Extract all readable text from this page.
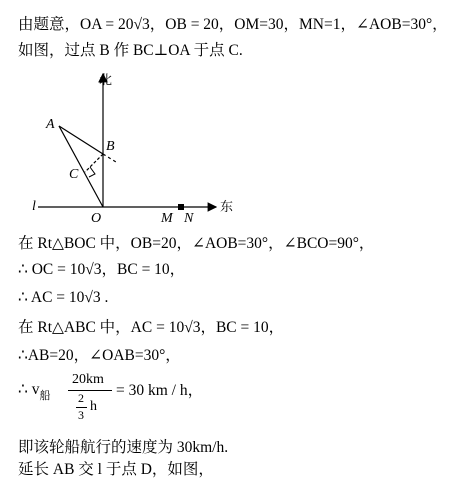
由题意，OA = 20√3，OB = 20，OM=30，MN=1，∠AOB=30°，
如图，过点 B 作 BC⊥OA 于点 C.
北
东
A
B
C
O
l
M N
在 Rt△BOC 中，OB=20，∠AOB=30°，∠BCO=90°，
∴ OC = 10√3，BC = 10，
∴ AC = 10√3 .
在 Rt△ABC 中，AC = 10√3，BC = 10，
∴AB=20，∠OAB=30°，
∴ $v_船$
20km
2
3
h
= 30 km / h，
即该轮船航行的速度为 30km/h.
延长 AB 交 l 于点 D，如图，
